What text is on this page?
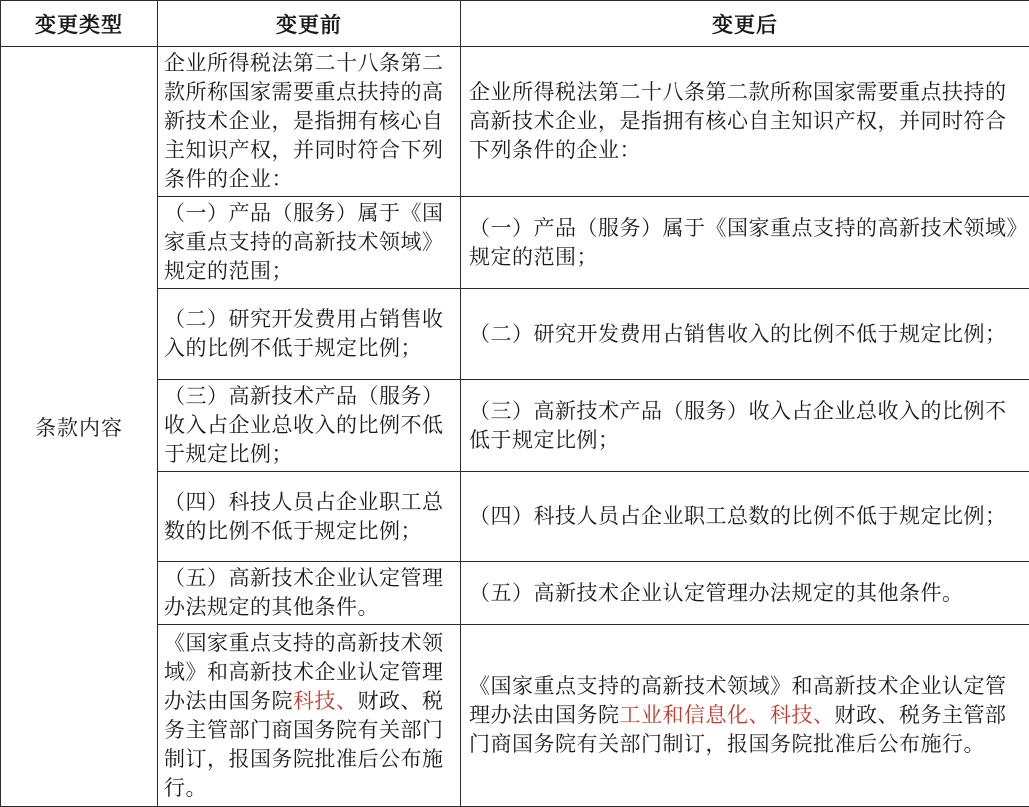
变更类型	变更前	变更后
条款内容	企业所得税法第二十八条第二款所称国家需要重点扶持的高新技术企业，是指拥有核心自主知识产权，并同时符合下列条件的企业：	企业所得税法第二十八条第二款所称国家需要重点扶持的高新技术企业，是指拥有核心自主知识产权，并同时符合下列条件的企业：
	（一）产品（服务）属于《国家重点支持的高新技术领域》规定的范围；	（一）产品（服务）属于《国家重点支持的高新技术领域》规定的范围；
	（二）研究开发费用占销售收入的比例不低于规定比例；	（二）研究开发费用占销售收入的比例不低于规定比例；
	（三）高新技术产品（服务）收入占企业总收入的比例不低于规定比例；	（三）高新技术产品（服务）收入占企业总收入的比例不低于规定比例；
	（四）科技人员占企业职工总数的比例不低于规定比例；	（四）科技人员占企业职工总数的比例不低于规定比例；
	（五）高新技术企业认定管理办法规定的其他条件。	（五）高新技术企业认定管理办法规定的其他条件。
	《国家重点支持的高新技术领域》和高新技术企业认定管理办法由国务院科技、财政、税务主管部门商国务院有关部门制订，报国务院批准后公布施行。	《国家重点支持的高新技术领域》和高新技术企业认定管理办法由国务院工业和信息化、科技、财政、税务主管部门商国务院有关部门制订，报国务院批准后公布施行。
